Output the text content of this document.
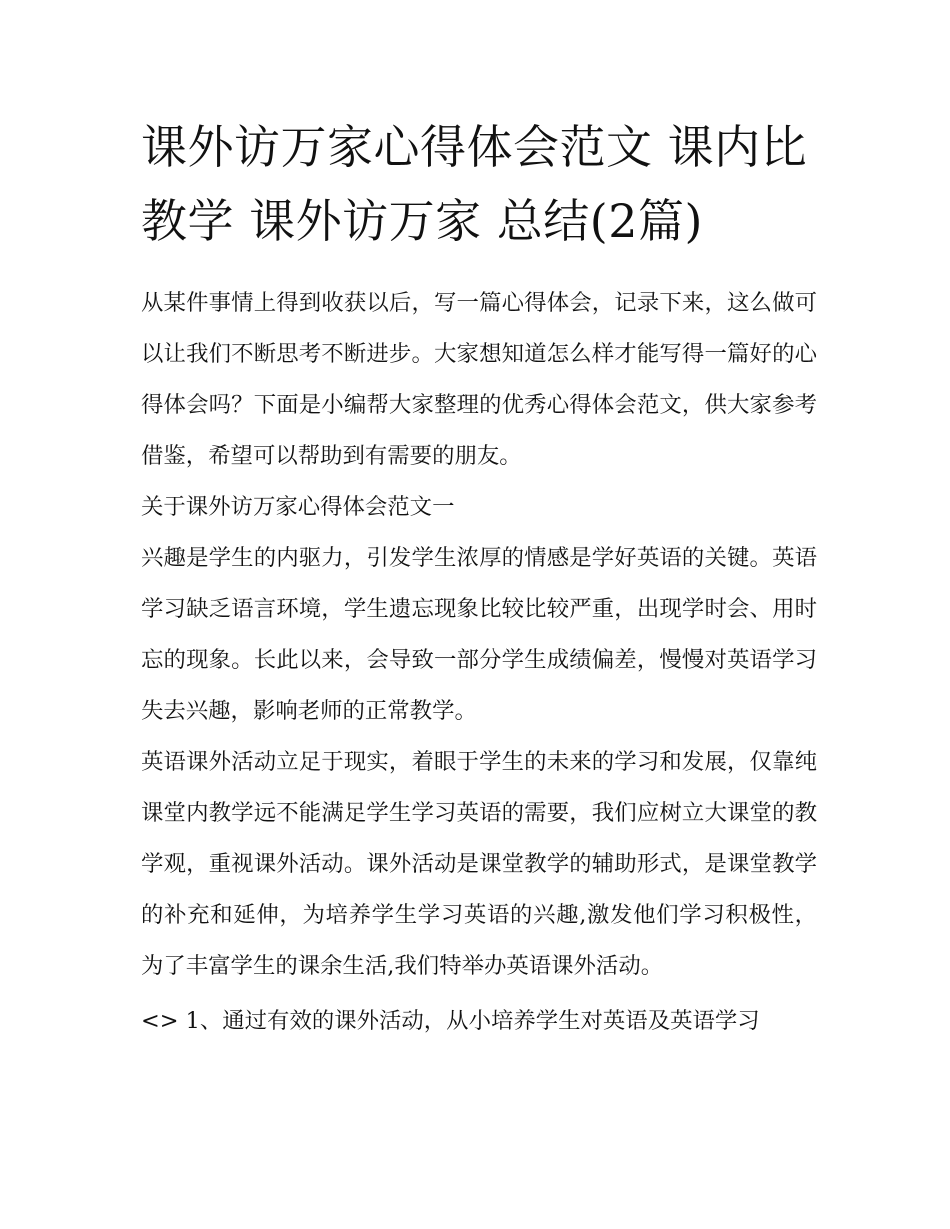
课外访万家心得体会范文 课内比教学 课外访万家 总结(2篇)

从某件事情上得到收获以后，写一篇心得体会，记录下来，这么做可以让我们不断思考不断进步。大家想知道怎么样才能写得一篇好的心得体会吗？下面是小编帮大家整理的优秀心得体会范文，供大家参考借鉴，希望可以帮助到有需要的朋友。

关于课外访万家心得体会范文一

兴趣是学生的内驱力，引发学生浓厚的情感是学好英语的关键。英语学习缺乏语言环境，学生遗忘现象比较比较严重，出现学时会、用时忘的现象。长此以来，会导致一部分学生成绩偏差，慢慢对英语学习失去兴趣，影响老师的正常教学。

英语课外活动立足于现实，着眼于学生的未来的学习和发展，仅靠纯课堂内教学远不能满足学生学习英语的需要，我们应树立大课堂的教学观，重视课外活动。课外活动是课堂教学的辅助形式，是课堂教学的补充和延伸，为培养学生学习英语的兴趣,激发他们学习积极性，为了丰富学生的课余生活,我们特举办英语课外活动。

<> 1、通过有效的课外活动，从小培养学生对英语及英语学习
